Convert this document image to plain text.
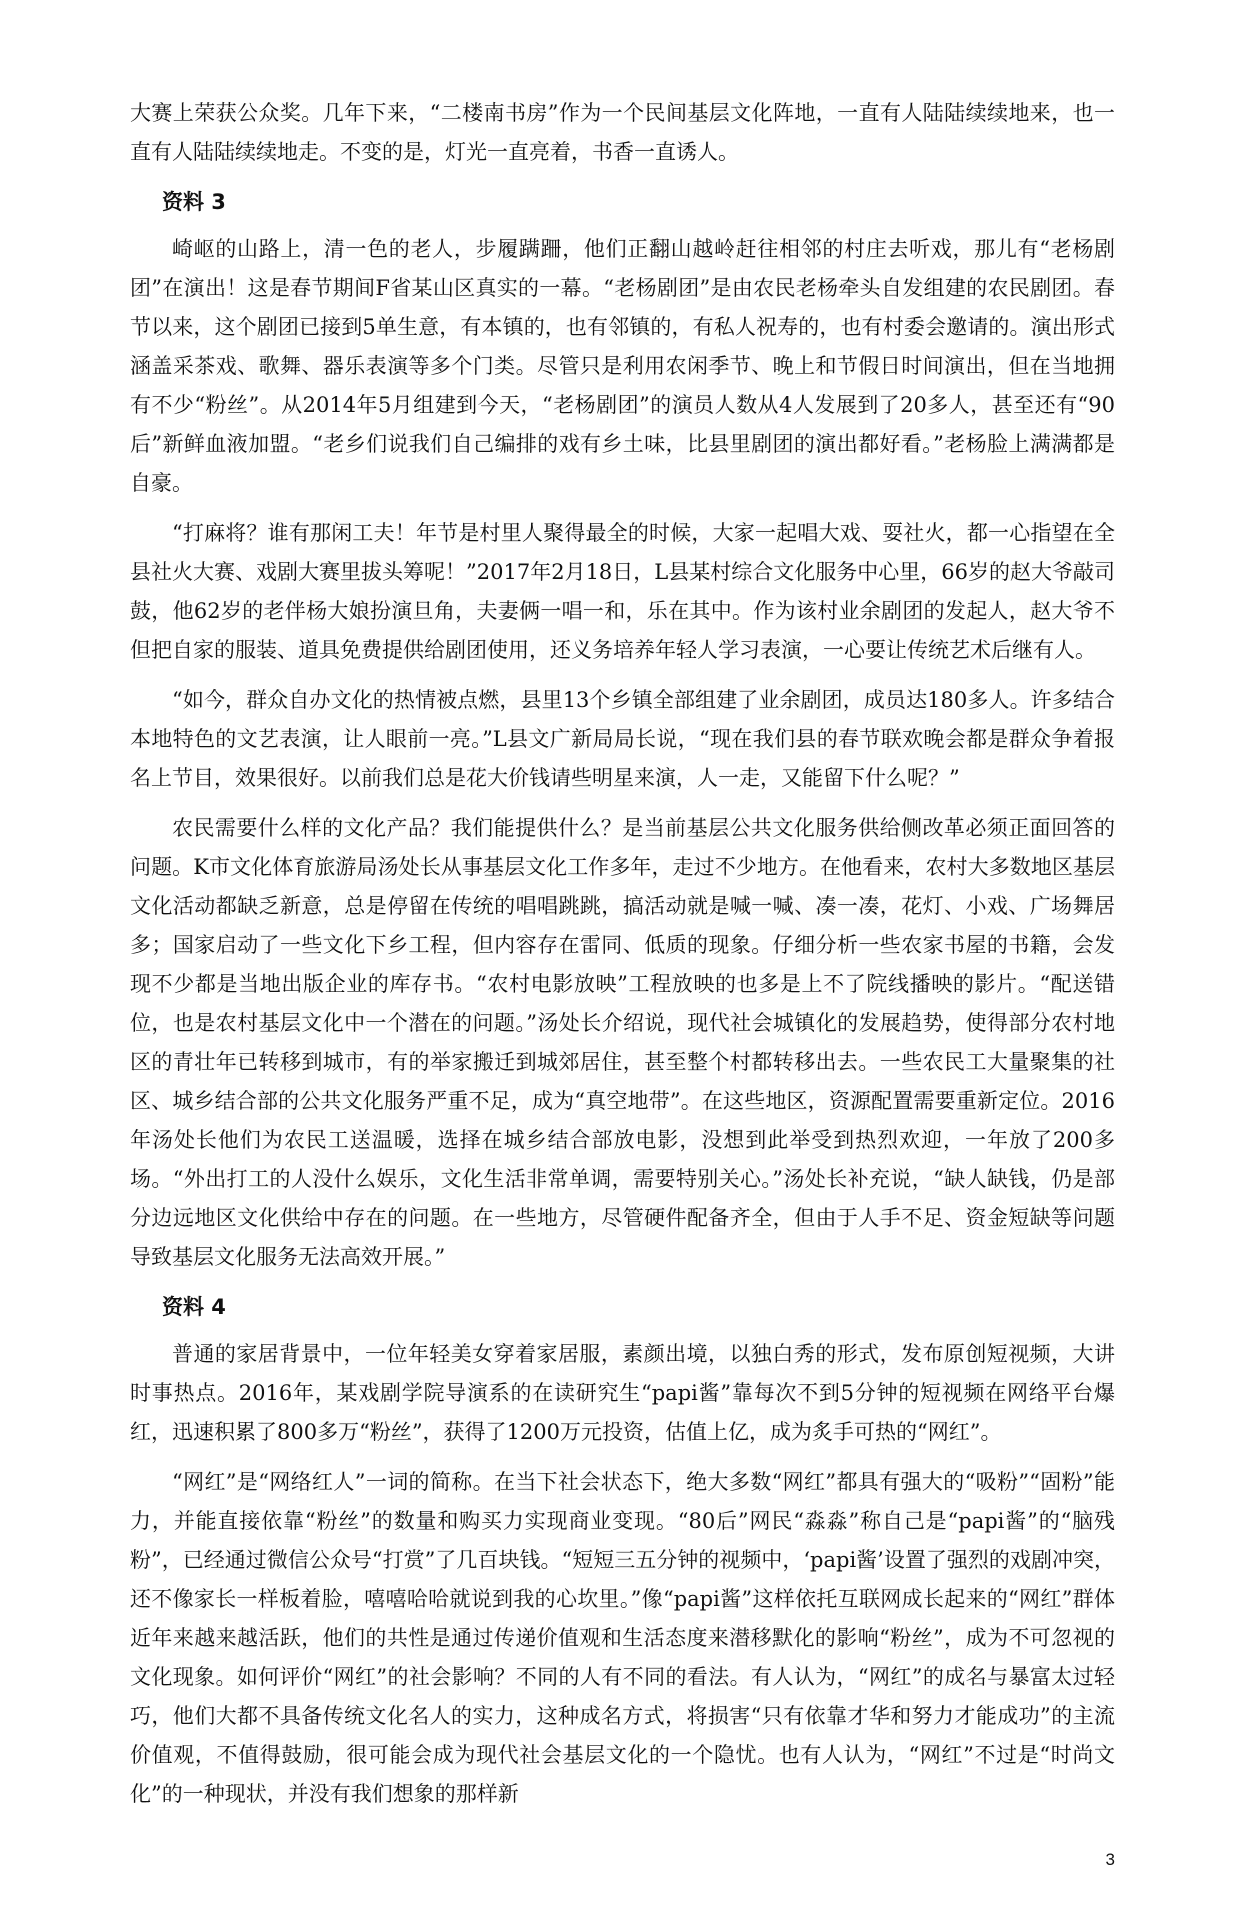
大赛上荣获公众奖。几年下来，“二楼南书房”作为一个民间基层文化阵地，一直有人陆陆续续地来，也一直有人陆陆续续地走。不变的是，灯光一直亮着，书香一直诱人。

资料 3

崎岖的山路上，清一色的老人，步履蹒跚，他们正翻山越岭赶往相邻的村庄去听戏，那儿有“老杨剧团”在演出！这是春节期间F省某山区真实的一幕。“老杨剧团”是由农民老杨牵头自发组建的农民剧团。春节以来，这个剧团已接到5单生意，有本镇的，也有邻镇的，有私人祝寿的，也有村委会邀请的。演出形式涵盖采茶戏、歌舞、器乐表演等多个门类。尽管只是利用农闲季节、晚上和节假日时间演出，但在当地拥有不少“粉丝”。从2014年5月组建到今天，“老杨剧团”的演员人数从4人发展到了20多人，甚至还有“90后”新鲜血液加盟。“老乡们说我们自己编排的戏有乡土味，比县里剧团的演出都好看。”老杨脸上满满都是自豪。

“打麻将？谁有那闲工夫！年节是村里人聚得最全的时候，大家一起唱大戏、耍社火，都一心指望在全县社火大赛、戏剧大赛里拔头筹呢！”2017年2月18日，L县某村综合文化服务中心里，66岁的赵大爷敲司鼓，他62岁的老伴杨大娘扮演旦角，夫妻俩一唱一和，乐在其中。作为该村业余剧团的发起人，赵大爷不但把自家的服装、道具免费提供给剧团使用，还义务培养年轻人学习表演，一心要让传统艺术后继有人。

“如今，群众自办文化的热情被点燃，县里13个乡镇全部组建了业余剧团，成员达180多人。许多结合本地特色的文艺表演，让人眼前一亮。”L县文广新局局长说，“现在我们县的春节联欢晚会都是群众争着报名上节目，效果很好。以前我们总是花大价钱请些明星来演，人一走，又能留下什么呢？”

农民需要什么样的文化产品？我们能提供什么？是当前基层公共文化服务供给侧改革必须正面回答的问题。K市文化体育旅游局汤处长从事基层文化工作多年，走过不少地方。在他看来，农村大多数地区基层文化活动都缺乏新意，总是停留在传统的唱唱跳跳，搞活动就是喊一喊、凑一凑，花灯、小戏、广场舞居多；国家启动了一些文化下乡工程，但内容存在雷同、低质的现象。仔细分析一些农家书屋的书籍，会发现不少都是当地出版企业的库存书。“农村电影放映”工程放映的也多是上不了院线播映的影片。“配送错位，也是农村基层文化中一个潜在的问题。”汤处长介绍说，现代社会城镇化的发展趋势，使得部分农村地区的青壮年已转移到城市，有的举家搬迁到城郊居住，甚至整个村都转移出去。一些农民工大量聚集的社区、城乡结合部的公共文化服务严重不足，成为“真空地带”。在这些地区，资源配置需要重新定位。2016年汤处长他们为农民工送温暖，选择在城乡结合部放电影，没想到此举受到热烈欢迎，一年放了200多场。“外出打工的人没什么娱乐，文化生活非常单调，需要特别关心。”汤处长补充说，“缺人缺钱，仍是部分边远地区文化供给中存在的问题。在一些地方，尽管硬件配备齐全，但由于人手不足、资金短缺等问题导致基层文化服务无法高效开展。”

资料 4

普通的家居背景中，一位年轻美女穿着家居服，素颜出境，以独白秀的形式，发布原创短视频，大讲时事热点。2016年，某戏剧学院导演系的在读研究生“papi酱”靠每次不到5分钟的短视频在网络平台爆红，迅速积累了800多万“粉丝”，获得了1200万元投资，估值上亿，成为炙手可热的“网红”。

“网红”是“网络红人”一词的简称。在当下社会状态下，绝大多数“网红”都具有强大的“吸粉”“固粉”能力，并能直接依靠“粉丝”的数量和购买力实现商业变现。“80后”网民“淼淼”称自己是“papi酱”的“脑残粉”，已经通过微信公众号“打赏”了几百块钱。“短短三五分钟的视频中，‘papi酱’设置了强烈的戏剧冲突，还不像家长一样板着脸，嘻嘻哈哈就说到我的心坎里。”像“papi酱”这样依托互联网成长起来的“网红”群体近年来越来越活跃，他们的共性是通过传递价值观和生活态度来潜移默化的影响“粉丝”，成为不可忽视的文化现象。如何评价“网红”的社会影响？不同的人有不同的看法。有人认为，“网红”的成名与暴富太过轻巧，他们大都不具备传统文化名人的实力，这种成名方式，将损害“只有依靠才华和努力才能成功”的主流价值观，不值得鼓励，很可能会成为现代社会基层文化的一个隐忧。也有人认为，“网红”不过是“时尚文化”的一种现状，并没有我们想象的那样新

3
